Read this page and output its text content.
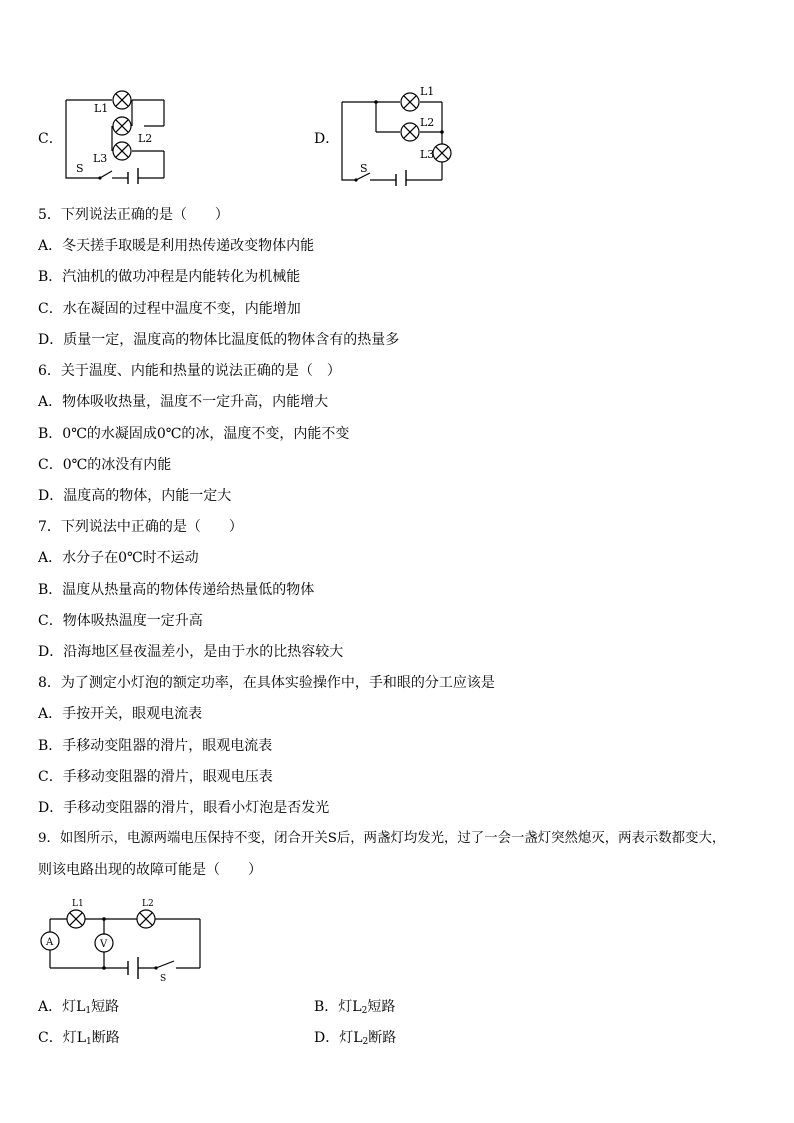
C．
L1
L2
L3
S
D．
L1
L2
L3
S
5．下列说法正确的是（　　）
A．冬天搓手取暖是利用热传递改变物体内能
B．汽油机的做功冲程是内能转化为机械能
C．水在凝固的过程中温度不变，内能增加
D．质量一定，温度高的物体比温度低的物体含有的热量多
6．关于温度、内能和热量的说法正确的是（　）
A．物体吸收热量，温度不一定升高，内能增大
B．0℃的水凝固成0℃的冰，温度不变，内能不变
C．0℃的冰没有内能
D．温度高的物体，内能一定大
7．下列说法中正确的是（　　）
A．水分子在0℃时不运动
B．温度从热量高的物体传递给热量低的物体
C．物体吸热温度一定升高
D．沿海地区昼夜温差小，是由于水的比热容较大
8．为了测定小灯泡的额定功率，在具体实验操作中，手和眼的分工应该是
A．手按开关，眼观电流表
B．手移动变阻器的滑片，眼观电流表
C．手移动变阻器的滑片，眼观电压表
D．手移动变阻器的滑片，眼看小灯泡是否发光
9．如图所示，电源两端电压保持不变，闭合开关S后，两盏灯均发光，过了一会一盏灯突然熄灭，两表示数都变大，
则该电路出现的故障可能是（　　）
L1	L2
A	V
S
A．灯$L_1$短路	B．灯$L_2$短路
C．灯$L_1$断路	D．灯$L_2$断路
